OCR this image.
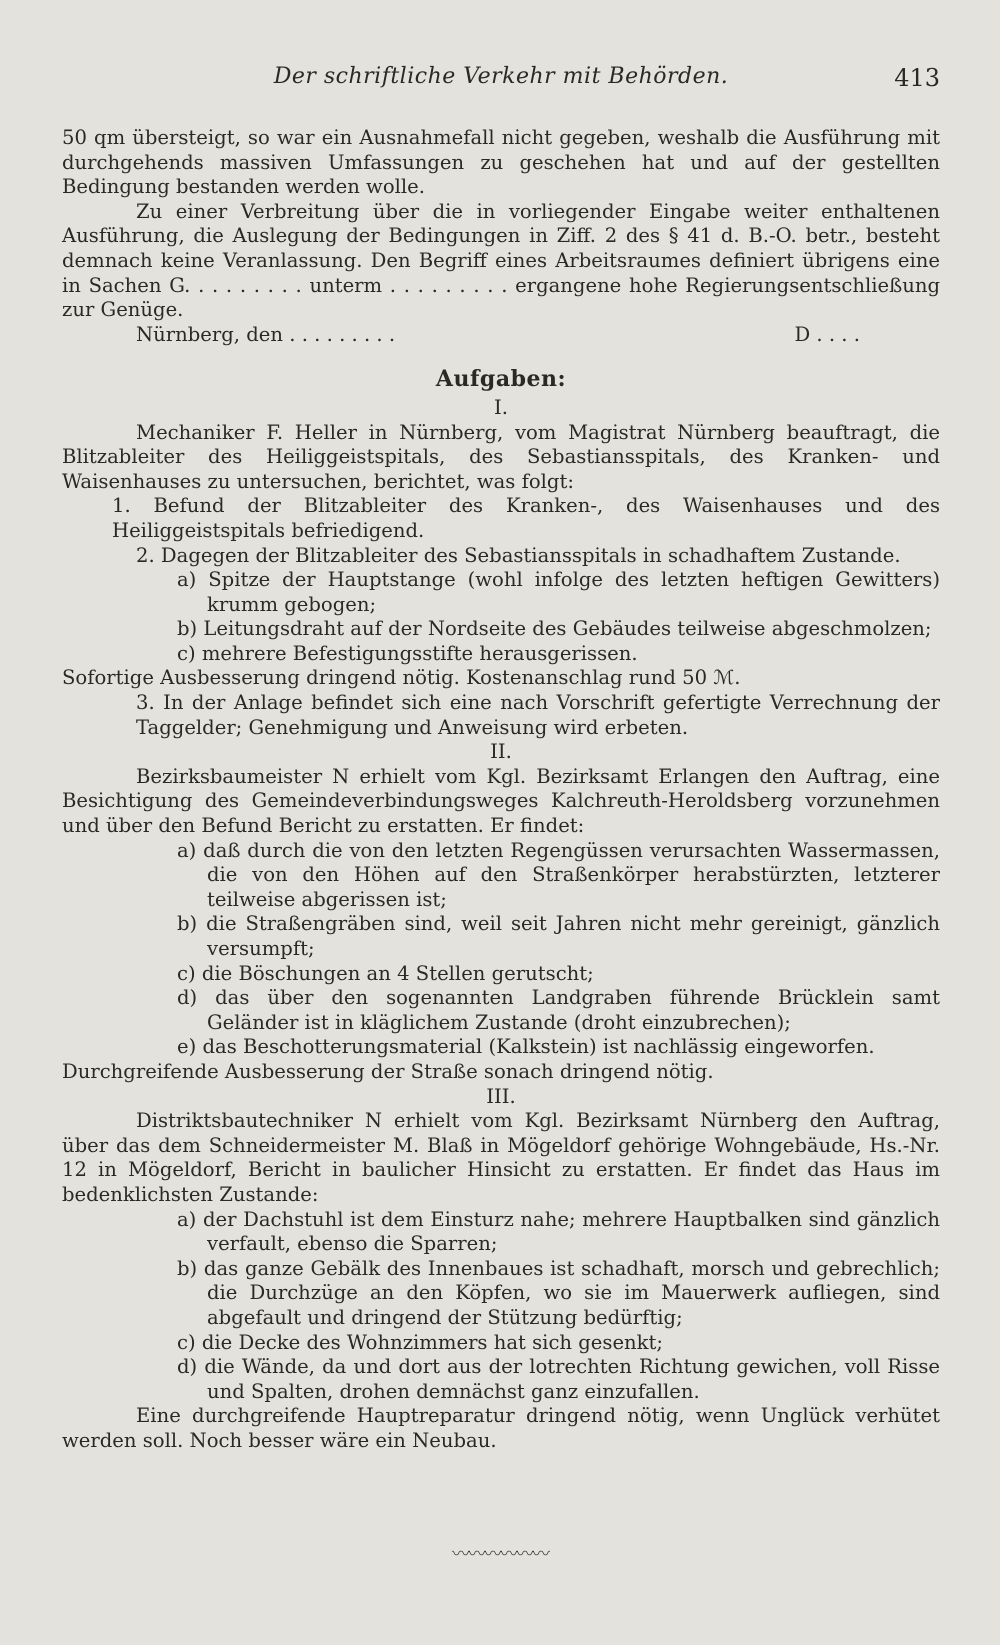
Der schriftliche Verkehr mit Behörden.	413

50 qm übersteigt, so war ein Ausnahmefall nicht gegeben, weshalb die Ausführung mit durchgehends massiven Umfassungen zu geschehen hat und auf der gestellten Bedingung bestanden werden wolle.

Zu einer Verbreitung über die in vorliegender Eingabe weiter enthaltenen Ausführung, die Auslegung der Bedingungen in Ziff. 2 des § 41 d. B.-O. betr., besteht demnach keine Veranlassung. Den Begriff eines Arbeitsraumes definiert übrigens eine in Sachen G. . . . . . . . . unterm . . . . . . . . . ergangene hohe Regierungsentschließung zur Genüge.

Nürnberg, den . . . . . . . . .	D . . . .
Aufgaben:

I.

Mechaniker F. Heller in Nürnberg, vom Magistrat Nürnberg beauftragt, die Blitzableiter des Heiliggeistspitals, des Sebastiansspitals, des Kranken- und Waisenhauses zu untersuchen, berichtet, was folgt:

1. Befund der Blitzableiter des Kranken-, des Waisenhauses und des Heiliggeistspitals befriedigend.

2. Dagegen der Blitzableiter des Sebastiansspitals in schadhaftem Zustande.

a) Spitze der Hauptstange (wohl infolge des letzten heftigen Gewitters) krumm gebogen;

b) Leitungsdraht auf der Nordseite des Gebäudes teilweise abgeschmolzen;

c) mehrere Befestigungsstifte herausgerissen.

Sofortige Ausbesserung dringend nötig. Kostenanschlag rund 50 ℳ.

3. In der Anlage befindet sich eine nach Vorschrift gefertigte Verrechnung der Taggelder; Genehmigung und Anweisung wird erbeten.

II.

Bezirksbaumeister N erhielt vom Kgl. Bezirksamt Erlangen den Auftrag, eine Besichtigung des Gemeindeverbindungsweges Kalchreuth-Heroldsberg vorzunehmen und über den Befund Bericht zu erstatten. Er findet:

a) daß durch die von den letzten Regengüssen verursachten Wassermassen, die von den Höhen auf den Straßenkörper herabstürzten, letzterer teilweise abgerissen ist;

b) die Straßengräben sind, weil seit Jahren nicht mehr gereinigt, gänzlich versumpft;

c) die Böschungen an 4 Stellen gerutscht;

d) das über den sogenannten Landgraben führende Brücklein samt Geländer ist in kläglichem Zustande (droht einzubrechen);

e) das Beschotterungsmaterial (Kalkstein) ist nachlässig eingeworfen.

Durchgreifende Ausbesserung der Straße sonach dringend nötig.

III.

Distriktsbautechniker N erhielt vom Kgl. Bezirksamt Nürnberg den Auftrag, über das dem Schneidermeister M. Blaß in Mögeldorf gehörige Wohngebäude, Hs.-Nr. 12 in Mögeldorf, Bericht in baulicher Hinsicht zu erstatten. Er findet das Haus im bedenklichsten Zustande:

a) der Dachstuhl ist dem Einsturz nahe; mehrere Hauptbalken sind gänzlich verfault, ebenso die Sparren;

b) das ganze Gebälk des Innenbaues ist schadhaft, morsch und gebrechlich; die Durchzüge an den Köpfen, wo sie im Mauerwerk aufliegen, sind abgefault und dringend der Stützung bedürftig;

c) die Decke des Wohnzimmers hat sich gesenkt;

d) die Wände, da und dort aus der lotrechten Richtung gewichen, voll Risse und Spalten, drohen demnächst ganz einzufallen.

Eine durchgreifende Hauptreparatur dringend nötig, wenn Unglück verhütet werden soll. Noch besser wäre ein Neubau.

〰〰〰〰〰〰
